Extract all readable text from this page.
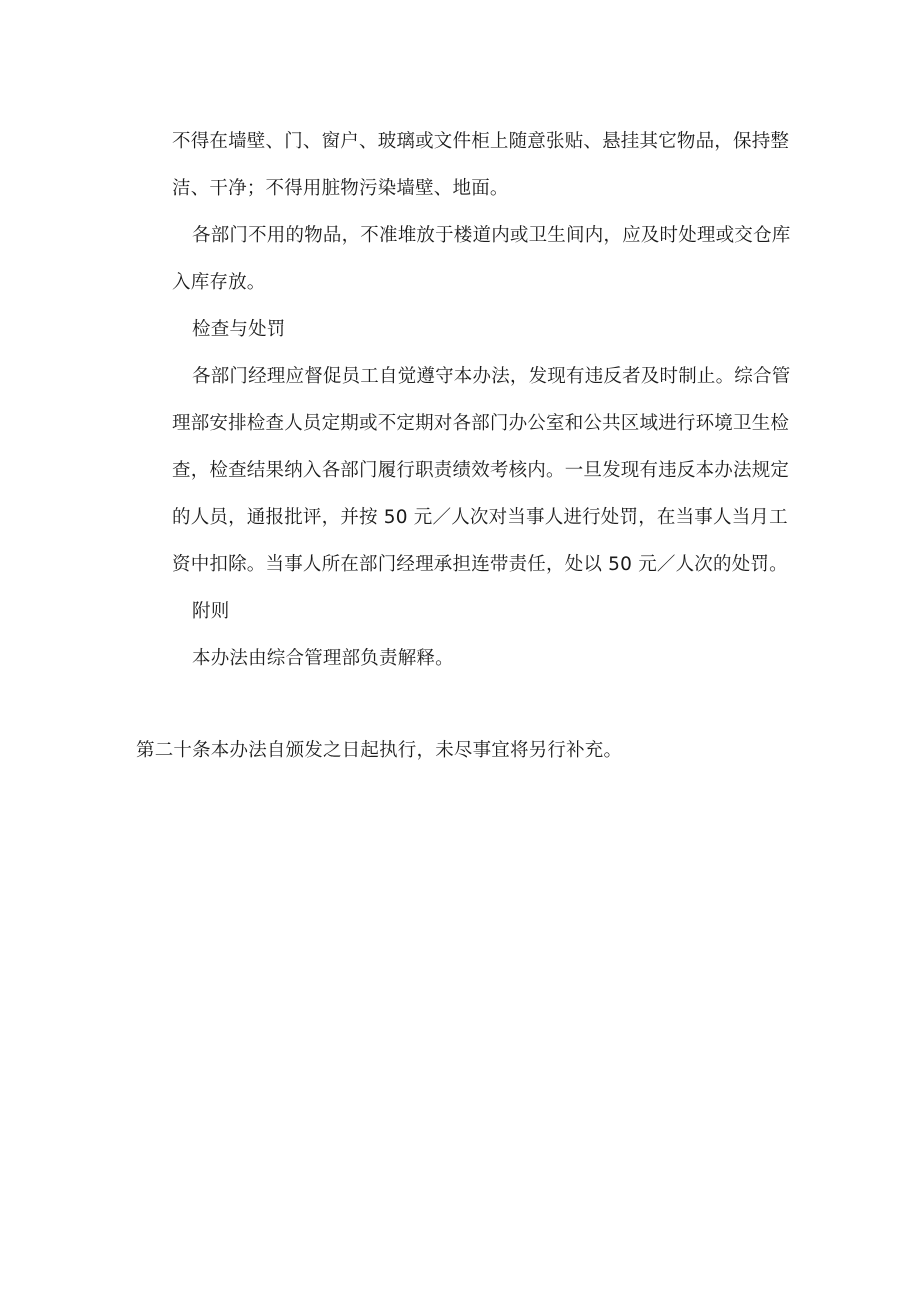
不得在墙壁、门、窗户、玻璃或文件柜上随意张贴、悬挂其它物品，保持整洁、干净；不得用脏物污染墙壁、地面。

各部门不用的物品，不准堆放于楼道内或卫生间内，应及时处理或交仓库入库存放。

检查与处罚

各部门经理应督促员工自觉遵守本办法，发现有违反者及时制止。综合管理部安排检查人员定期或不定期对各部门办公室和公共区域进行环境卫生检查，检查结果纳入各部门履行职责绩效考核内。一旦发现有违反本办法规定的人员，通报批评，并按 50 元／人次对当事人进行处罚，在当事人当月工资中扣除。当事人所在部门经理承担连带责任，处以 50 元／人次的处罚。

附则

本办法由综合管理部负责解释。

第二十条本办法自颁发之日起执行，未尽事宜将另行补充。
